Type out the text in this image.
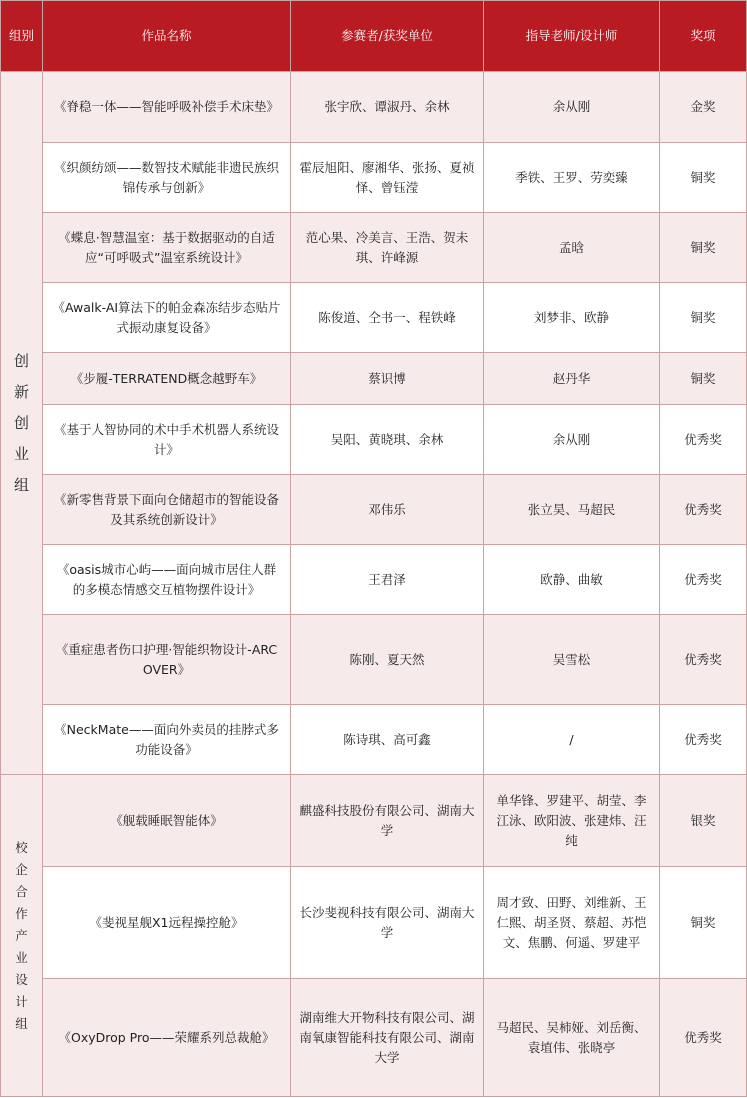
组别	作品名称	参赛者/获奖单位	指导老师/设计师	奖项
创新创业组	《脊稳一体——智能呼吸补偿手术床垫》	张宇欣、谭淑丹、余林	余从刚	金奖
	《织颜纺颂——数智技术赋能非遗民族织锦传承与创新》	霍辰旭阳、廖湘华、张扬、夏祯怿、曾钰滢	季铁、王罗、劳奕臻	铜奖
	《蝶息·智慧温室：基于数据驱动的自适应“可呼吸式”温室系统设计》	范心果、冷美言、王浩、贺未琪、许峰源	孟晗	铜奖
	《Awalk-AI算法下的帕金森冻结步态贴片式振动康复设备》	陈俊道、仝书一、程铁峰	刘梦非、欧静	铜奖
	《步履-TERRATEND概念越野车》	蔡识博	赵丹华	铜奖
	《基于人智协同的术中手术机器人系统设计》	吴阳、黄晓琪、余林	余从刚	优秀奖
	《新零售背景下面向仓储超市的智能设备及其系统创新设计》	邓伟乐	张立昊、马超民	优秀奖
	《oasis城市心屿——面向城市居住人群的多模态情感交互植物摆件设计》	王君泽	欧静、曲敏	优秀奖
	《重症患者伤口护理·智能织物设计-ARCOVER》	陈刚、夏天然	吴雪松	优秀奖
	《NeckMate——面向外卖员的挂脖式多功能设备》	陈诗琪、高可鑫	/	优秀奖
校企合作产业设计组	《舰载睡眠智能体》	麒盛科技股份有限公司、湖南大学	单华锋、罗建平、胡莹、李江泳、欧阳波、张建炜、汪纯	银奖
	《斐视星舰X1远程操控舱》	长沙斐视科技有限公司、湖南大学	周才致、田野、刘维新、王仁熙、胡圣贤、蔡超、苏恺文、焦鹏、何遥、罗建平	铜奖
	《OxyDrop Pro——荣耀系列总裁舱》	湖南维大开物科技有限公司、湖南氧康智能科技有限公司、湖南大学	马超民、吴柿娅、刘岳衡、袁埴伟、张晓亭	优秀奖
